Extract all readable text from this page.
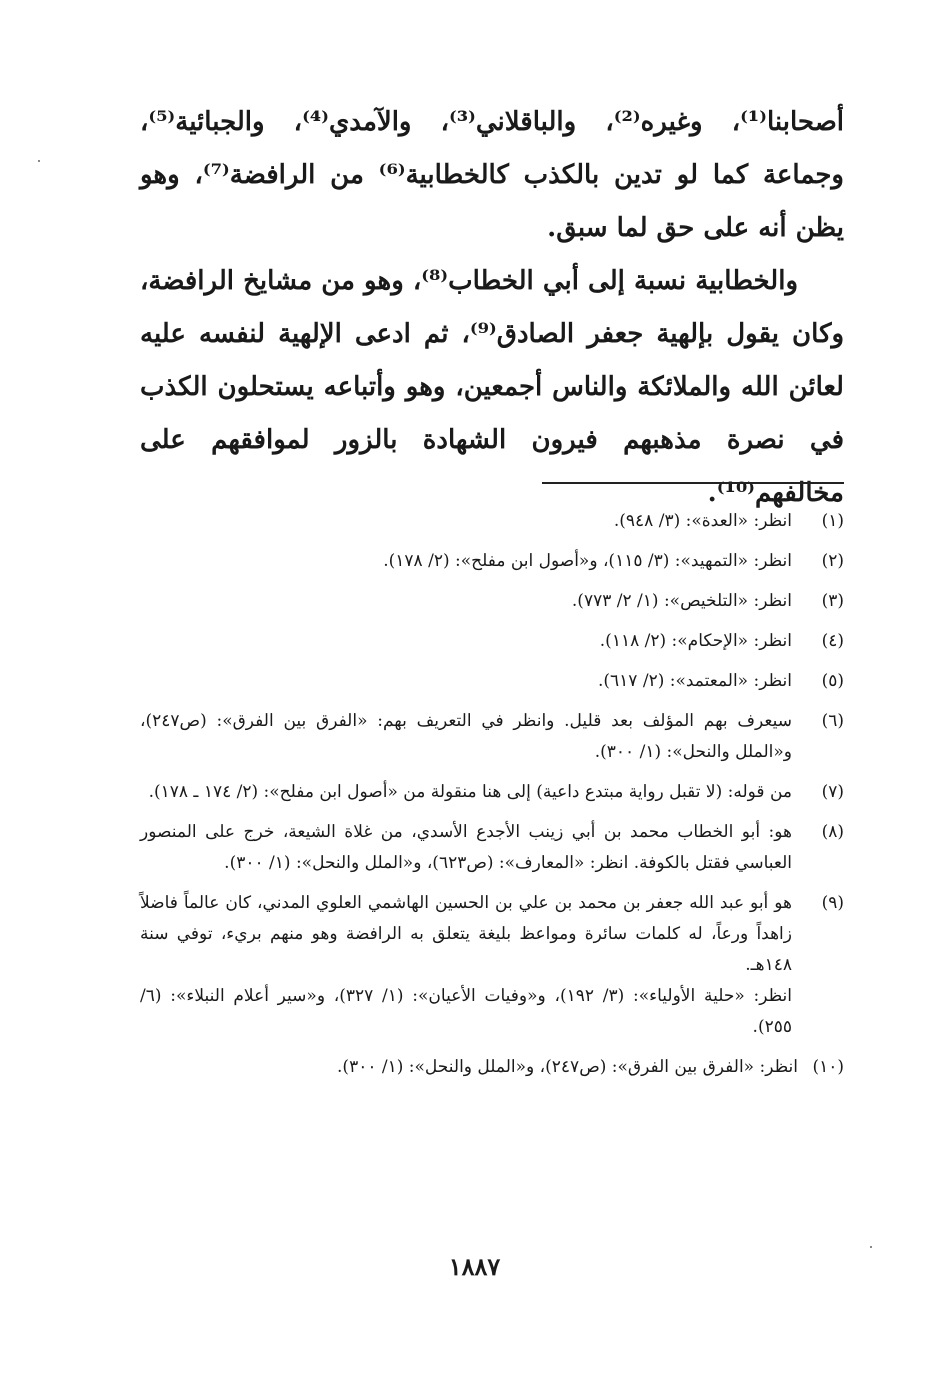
أصحابنا⁽¹⁾، وغيره⁽²⁾، والباقلاني⁽³⁾، والآمدي⁽⁴⁾، والجبائية⁽⁵⁾، وجماعة كما لو تدين بالكذب كالخطابية⁽⁶⁾ من الرافضة⁽⁷⁾، وهو يظن أنه على حق لما سبق.

والخطابية نسبة إلى أبي الخطاب⁽⁸⁾، وهو من مشايخ الرافضة، وكان يقول بإلهية جعفر الصادق⁽⁹⁾، ثم ادعى الإلهية لنفسه عليه لعائن الله والملائكة والناس أجمعين، وهو وأتباعه يستحلون الكذب في نصرة مذهبهم فيرون الشهادة بالزور لموافقهم على مخالفهم⁽¹⁰⁾.

(١)

انظر: «العدة»: (٣/ ٩٤٨).

(٢)

انظر: «التمهيد»: (٣/ ١١٥)، و«أصول ابن مفلح»: (٢/ ١٧٨).

(٣)

انظر: «التلخيص»: (١/ ٢/ ٧٧٣).

(٤)

انظر: «الإحكام»: (٢/ ١١٨).

(٥)

انظر: «المعتمد»: (٢/ ٦١٧).

(٦)

سيعرف بهم المؤلف بعد قليل. وانظر في التعريف بهم: «الفرق بين الفرق»: (ص٢٤٧)، و«الملل والنحل»: (١/ ٣٠٠).

(٧)

من قوله: (لا تقبل رواية مبتدع داعية) إلى هنا منقولة من «أصول ابن مفلح»: (٢/ ١٧٤ ـ ١٧٨).

(٨)

هو: أبو الخطاب محمد بن أبي زينب الأجدع الأسدي، من غلاة الشيعة، خرج على المنصور العباسي فقتل بالكوفة. انظر: «المعارف»: (ص٦٢٣)، و«الملل والنحل»: (١/ ٣٠٠).

(٩)

هو أبو عبد الله جعفر بن محمد بن علي بن الحسين الهاشمي العلوي المدني، كان عالماً فاضلاً زاهداً ورعاً، له كلمات سائرة ومواعظ بليغة يتعلق به الرافضة وهو منهم بريء، توفي سنة ١٤٨هـ.

انظر: «حلية الأولياء»: (٣/ ١٩٢)، و«وفيات الأعيان»: (١/ ٣٢٧)، و«سير أعلام النبلاء»: (٦/ ٢٥٥).

(١٠)

انظر: «الفرق بين الفرق»: (ص٢٤٧)، و«الملل والنحل»: (١/ ٣٠٠).

١٨٨٧
